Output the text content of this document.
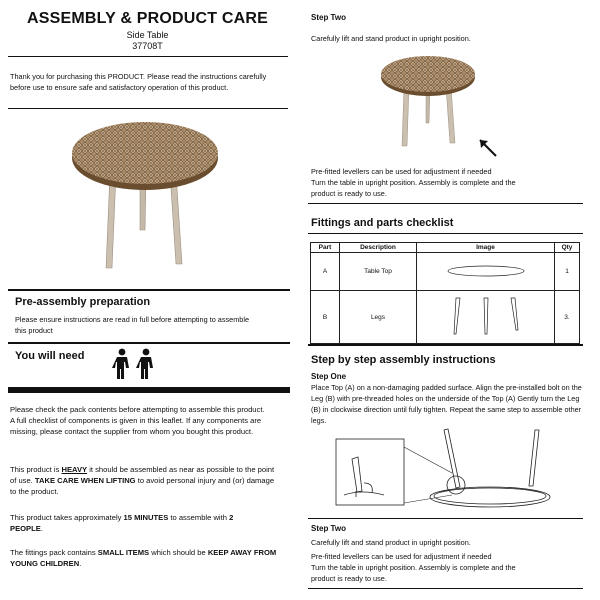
ASSEMBLY & PRODUCT CARE
Side Table
37708T
Thank you for purchasing this PRODUCT. Please read the instructions carefully before use to ensure safe and satisfactory operation of this product.
Pre-assembly preparation
Please ensure instructions are read in full before attempting to assemble this product
You will need
Please check the pack contents before attempting to assemble this product. A full checklist of components is given in this leaflet. If any components are missing, please contact the supplier from whom you bought this product.
This product is HEAVY it should be assembled as near as possible to the point of use. TAKE CARE WHEN LIFTING to avoid personal injury and (or) damage to the product.
This product takes approximately 15 MINUTES to assemble with 2 PEOPLE.
The fittings pack contains SMALL ITEMS which should be KEEP AWAY FROM YOUNG CHILDREN.
Step Two
Carefully lift and stand product in upright position.
Pre-fitted levellers can be used for adjustment if needed
Turn the table in upright position. Assembly is complete and the product is ready to use.
Fittings and parts checklist
Part	Description	Image	Qty
A	Table Top		1
B	Legs		3.
Step by step assembly instructions
Step One
Place Top (A) on a non-damaging padded surface. Align the pre-installed bolt on the Leg (B) with pre-threaded holes on the underside of the Top (A) Gently turn the Leg (B) in clockwise direction until fully tighten. Repeat the same step to assemble other legs.
Step Two
Carefully lift and stand product in upright position.
Pre-fitted levellers can be used for adjustment if needed
Turn the table in upright position. Assembly is complete and the product is ready to use.
